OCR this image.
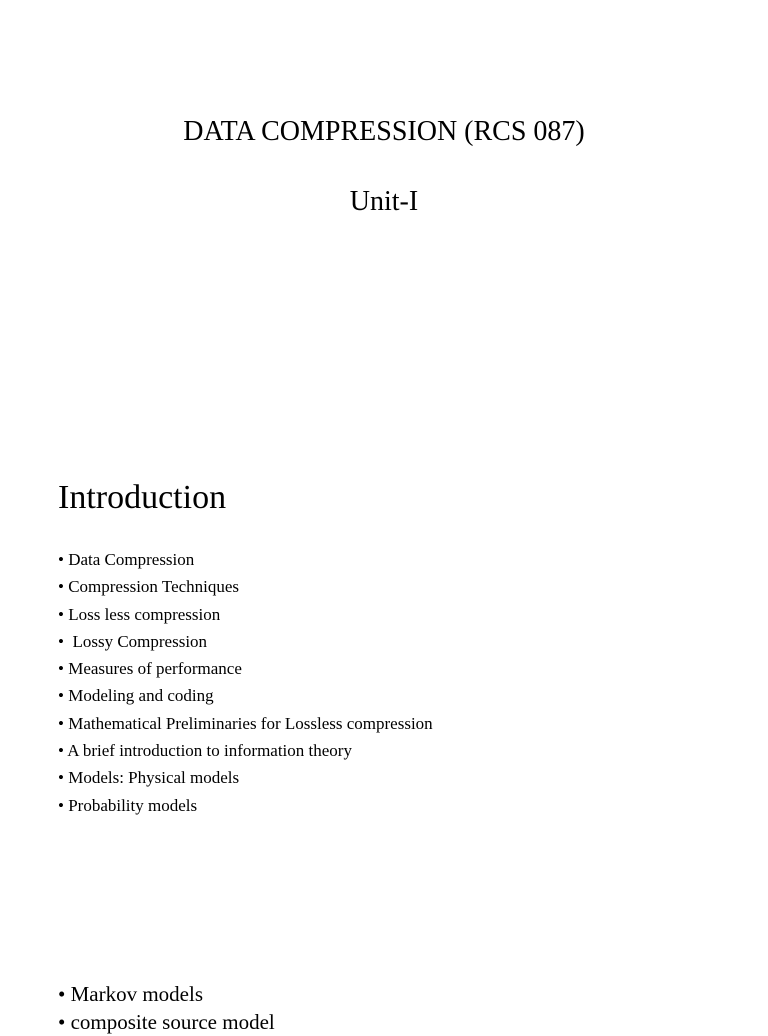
DATA COMPRESSION (RCS 087)
Unit-I
Introduction
• Data Compression
• Compression Techniques
• Loss less compression
•  Lossy Compression
• Measures of performance
• Modeling and coding
• Mathematical Preliminaries for Lossless compression
• A brief introduction to information theory
• Models: Physical models
• Probability models
• Markov models
• composite source model
